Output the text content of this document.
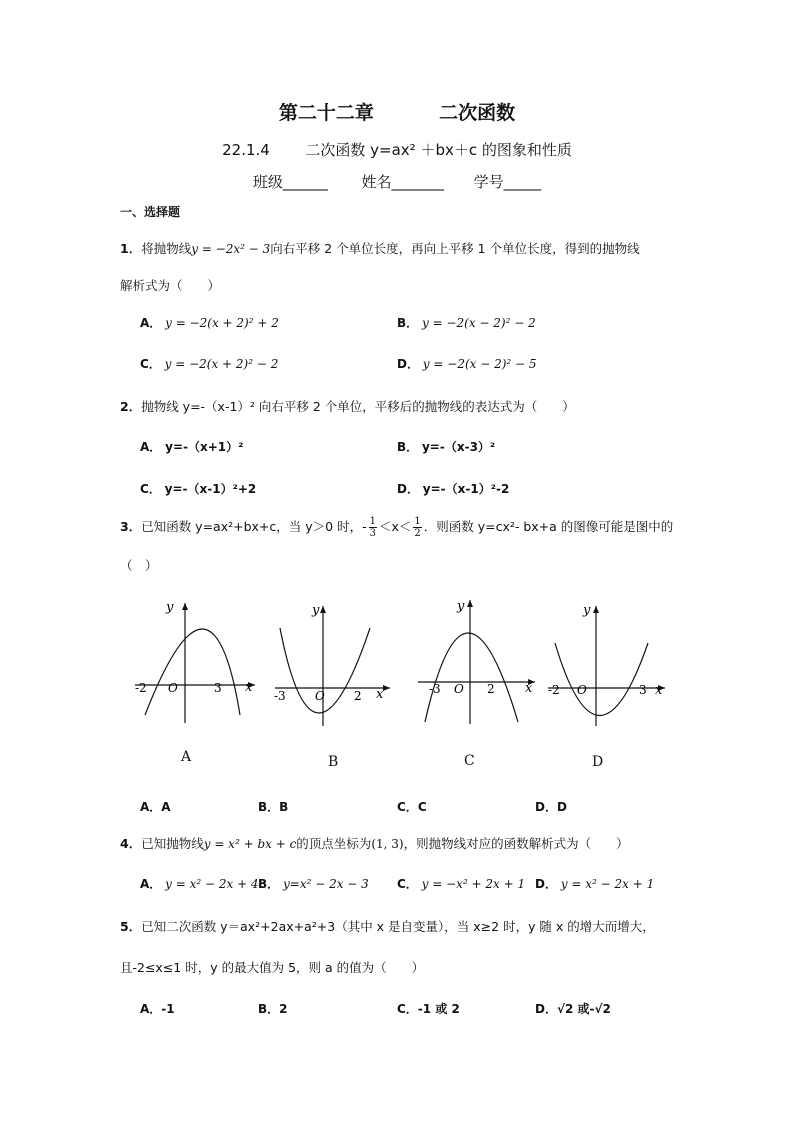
第二十二章	二次函数
22.1.4 二次函数 y=ax² ＋bx＋c 的图象和性质
班级______ 姓名_______ 学号_____
一、选择题
1．将抛物线y = −2x² − 3向右平移 2 个单位长度，再向上平移 1 个单位长度，得到的抛物线
解析式为（　　）
A． y = −2(x + 2)² + 2	B． y = −2(x − 2)² − 2
C． y = −2(x + 2)² − 2	D． y = −2(x − 2)² − 5
2．抛物线 y=-（x-1）² 向右平移 2 个单位，平移后的抛物线的表达式为（　　）
A． y=-（x+1）²	B． y=-（x-3）²
C． y=-（x-1）²+2	D． y=-（x-1）²-2
3．已知函数 y=ax²+bx+c，当 y＞0 时，- $\frac{1}{3} <x< \frac{1}{2}$ ．则函数 y=cx²- bx+a 的图像可能是图中的
（　）
y
x
-2 O	3
y
x
-3 O 2
y
x
-3 O 2
y
x
-2 O	3
A	B	C	D
A．A	B．B	C．C	D．D
4．已知抛物线y = x² + bx + c的顶点坐标为(1, 3)，则抛物线对应的函数解析式为（　　）
A． y = x² − 2x + 4 B． y=x² − 2x − 3 C． y = −x² + 2x + 1 D． y = x² − 2x + 1
5．已知二次函数 y＝ax²+2ax+a²+3（其中 x 是自变量），当 x≥2 时，y 随 x 的增大而增大，
且-2≤x≤1 时，y 的最大值为 5，则 a 的值为（　　）
A．-1	B．2	C．-1 或 2	D．√2 或-√2
